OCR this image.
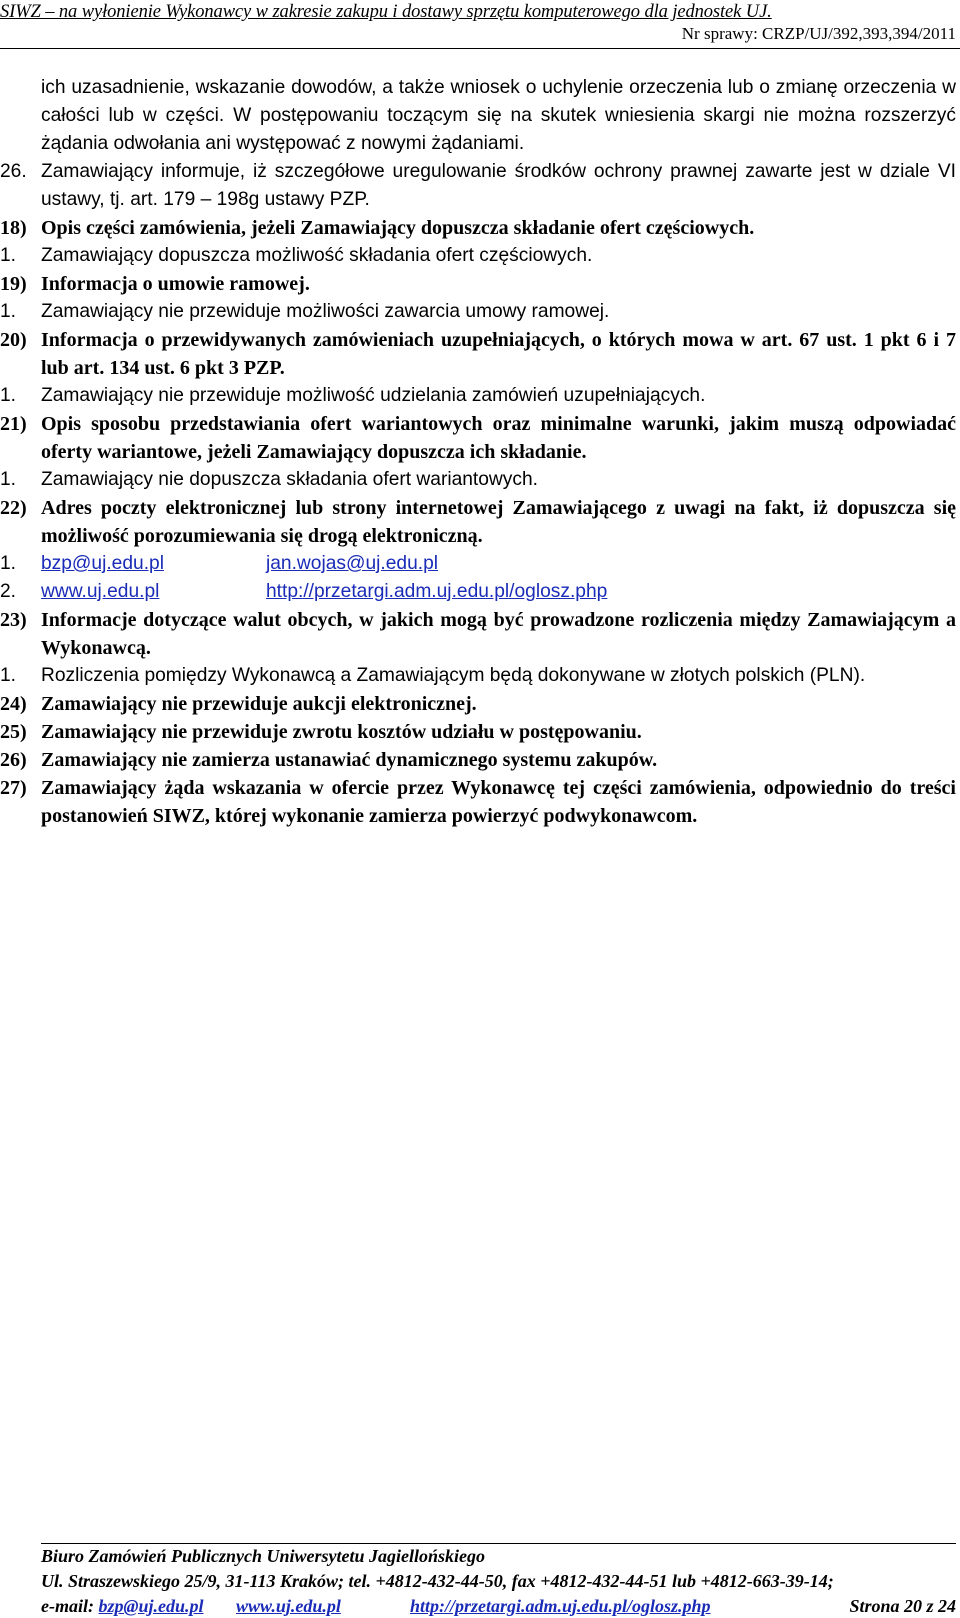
SIWZ – na wyłonienie Wykonawcy w zakresie zakupu i dostawy sprzętu komputerowego dla jednostek UJ.
Nr sprawy: CRZP/UJ/392,393,394/2011
ich uzasadnienie, wskazanie dowodów, a także wniosek o uchylenie orzeczenia lub o zmianę orzeczenia w całości lub w części. W postępowaniu toczącym się na skutek wniesienia skargi nie można rozszerzyć żądania odwołania ani występować z nowymi żądaniami.
26. Zamawiający informuje, iż szczegółowe uregulowanie środków ochrony prawnej zawarte jest w dziale VI ustawy, tj. art. 179 – 198g ustawy PZP.
18) Opis części zamówienia, jeżeli Zamawiający dopuszcza składanie ofert częściowych.
1. Zamawiający dopuszcza możliwość składania ofert częściowych.
19) Informacja o umowie ramowej.
1. Zamawiający nie przewiduje możliwości zawarcia umowy ramowej.
20) Informacja o przewidywanych zamówieniach uzupełniających, o których mowa w art. 67 ust. 1 pkt 6 i 7 lub art. 134 ust. 6 pkt 3 PZP.
1. Zamawiający nie przewiduje możliwość udzielania zamówień uzupełniających.
21) Opis sposobu przedstawiania ofert wariantowych oraz minimalne warunki, jakim muszą odpowiadać oferty wariantowe, jeżeli Zamawiający dopuszcza ich składanie.
1. Zamawiający nie dopuszcza składania ofert wariantowych.
22) Adres poczty elektronicznej lub strony internetowej Zamawiającego z uwagi na fakt, iż dopuszcza się możliwość porozumiewania się drogą elektroniczną.
1. bzp@uj.edu.pl	jan.wojas@uj.edu.pl
2. www.uj.edu.pl	http://przetargi.adm.uj.edu.pl/oglosz.php
23) Informacje dotyczące walut obcych, w jakich mogą być prowadzone rozliczenia między Zamawiającym a Wykonawcą.
1. Rozliczenia pomiędzy Wykonawcą a Zamawiającym będą dokonywane w złotych polskich (PLN).
24) Zamawiający nie przewiduje aukcji elektronicznej.
25) Zamawiający nie przewiduje zwrotu kosztów udziału w postępowaniu.
26) Zamawiający nie zamierza ustanawiać dynamicznego systemu zakupów.
27) Zamawiający żąda wskazania w ofercie przez Wykonawcę tej części zamówienia, odpowiednio do treści postanowień SIWZ, której wykonanie zamierza powierzyć podwykonawcom.
Biuro Zamówień Publicznych Uniwersytetu Jagiellońskiego
Ul. Straszewskiego 25/9, 31-113 Kraków; tel. +4812-432-44-50, fax +4812-432-44-51 lub +4812-663-39-14;
e-mail: bzp@uj.edu.pl www.uj.edu.pl	http://przetargi.adm.uj.edu.pl/oglosz.php	Strona 20 z 24
